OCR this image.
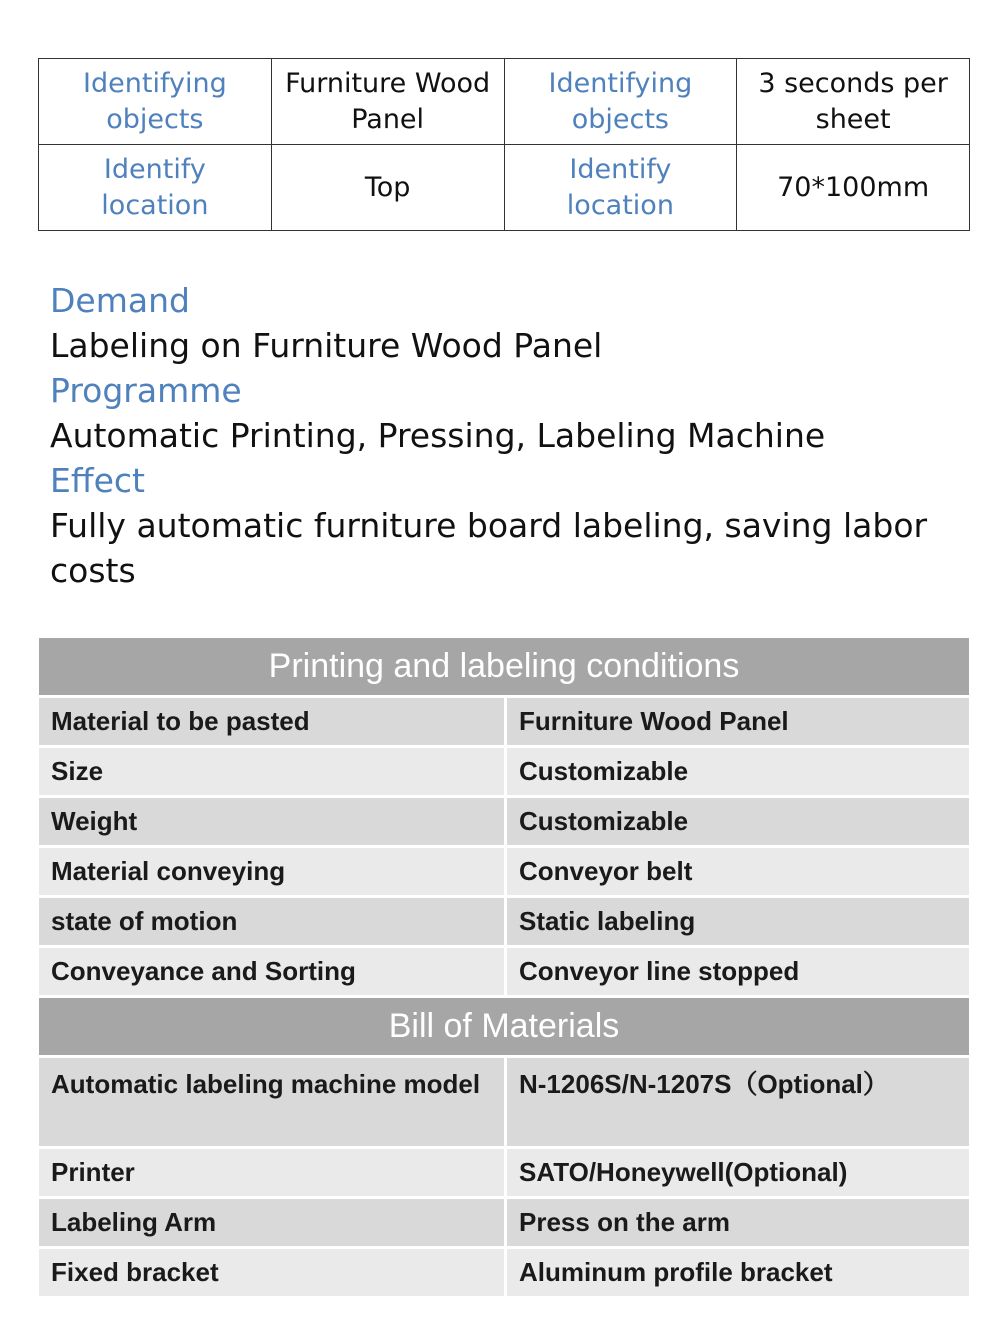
Identifying objects	Furniture Wood Panel	Identifying objects	3 seconds per sheet
Identify location	Top	Identify location	70*100mm
Demand
Labeling on Furniture Wood Panel
Programme
Automatic Printing, Pressing, Labeling Machine
Effect
Fully automatic furniture board labeling, saving labor costs
Printing and labeling conditions	
Material to be pasted	Furniture Wood Panel
Size	Customizable
Weight	Customizable
Material conveying	Conveyor belt
state of motion	Static labeling
Conveyance and Sorting	Conveyor line stopped
Bill of Materials	
Automatic labeling machine model	N-1206S/N-1207S（Optional）
Printer	SATO/Honeywell(Optional)
Labeling Arm	Press on the arm
Fixed bracket	Aluminum profile bracket
